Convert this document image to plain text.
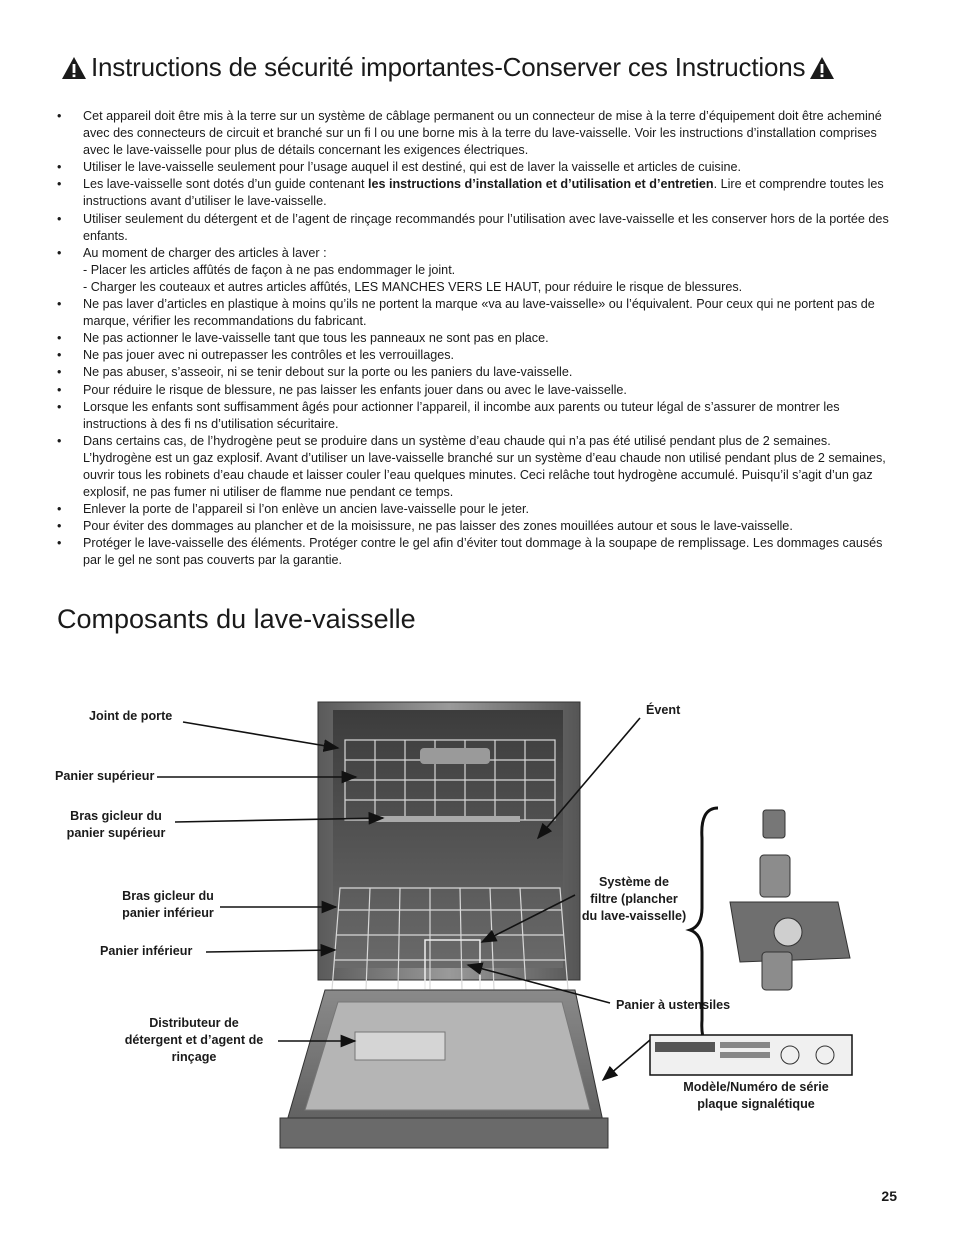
Instructions de sécurité importantes-Conserver ces Instructions
• Cet appareil doit être mis à la terre sur un système de câblage permanent ou un connecteur de mise à la terre d’équipement doit être acheminé avec des connecteurs de circuit et branché sur un fi l ou une borne mis à la terre du lave-vaisselle. Voir les instructions d’installation comprises avec le lave-vaisselle pour plus de détails concernant les exigences électriques.
• Utiliser le lave-vaisselle seulement pour l’usage auquel il est destiné, qui est de laver la vaisselle et articles de cuisine.
• Les lave-vaisselle sont dotés d’un guide contenant les instructions d’installation et d’utilisation et d’entretien. Lire et comprendre toutes les instructions avant d’utiliser le lave-vaisselle.
• Utiliser seulement du détergent et de l’agent de rinçage recommandés pour l’utilisation avec lave-vaisselle et les conserver hors de la portée des enfants.
• Au moment de charger des articles à laver :
- Placer les articles affûtés de façon à ne pas endommager le joint.
- Charger les couteaux et autres articles affûtés, LES MANCHES VERS LE HAUT, pour réduire le risque de blessures.
• Ne pas laver d’articles en plastique à moins qu’ils ne portent la marque «va au lave-vaisselle» ou l’équivalent. Pour ceux qui ne portent pas de marque, vérifier les recommandations du fabricant.
• Ne pas actionner le lave-vaisselle tant que tous les panneaux ne sont pas en place.
• Ne pas jouer avec ni outrepasser les contrôles et les verrouillages.
• Ne pas abuser, s’asseoir, ni se tenir debout sur la porte ou les paniers du lave-vaisselle.
• Pour réduire le risque de blessure, ne pas laisser les enfants jouer dans ou avec le lave-vaisselle.
• Lorsque les enfants sont suffisamment âgés pour actionner l’appareil, il incombe aux parents ou tuteur légal de s’assurer de montrer les instructions à des fi ns d’utilisation sécuritaire.
• Dans certains cas, de l’hydrogène peut se produire dans un système d’eau chaude qui n’a pas été utilisé pendant plus de 2 semaines. L’hydrogène est un gaz explosif. Avant d’utiliser un lave-vaisselle branché sur un système d’eau chaude non utilisé pendant plus de 2 semaines, ouvrir tous les robinets d’eau chaude et laisser couler l’eau quelques minutes. Ceci relâche tout hydrogène accumulé. Puisqu’il s’agit d’un gaz explosif, ne pas fumer ni utiliser de flamme nue pendant ce temps.
• Enlever la porte de l’appareil si l’on enlève un ancien lave-vaisselle pour le jeter.
• Pour éviter des dommages au plancher et de la moisissure, ne pas laisser des zones mouillées autour et sous le lave-vaisselle.
• Protéger le lave-vaisselle des éléments. Protéger contre le gel afin d’éviter tout dommage à la soupape de remplissage. Les dommages causés par le gel ne sont pas couverts par la garantie.
Composants du lave-vaisselle
Joint de porte
Panier supérieur
Bras gicleur du
panier supérieur
Bras gicleur du
panier inférieur
Panier inférieur
Distributeur de
détergent et d’agent de
rinçage
Évent
Système de
filtre (plancher
du lave-vaisselle)
Panier à ustensiles
Modèle/Numéro de série
plaque signalétique
25
